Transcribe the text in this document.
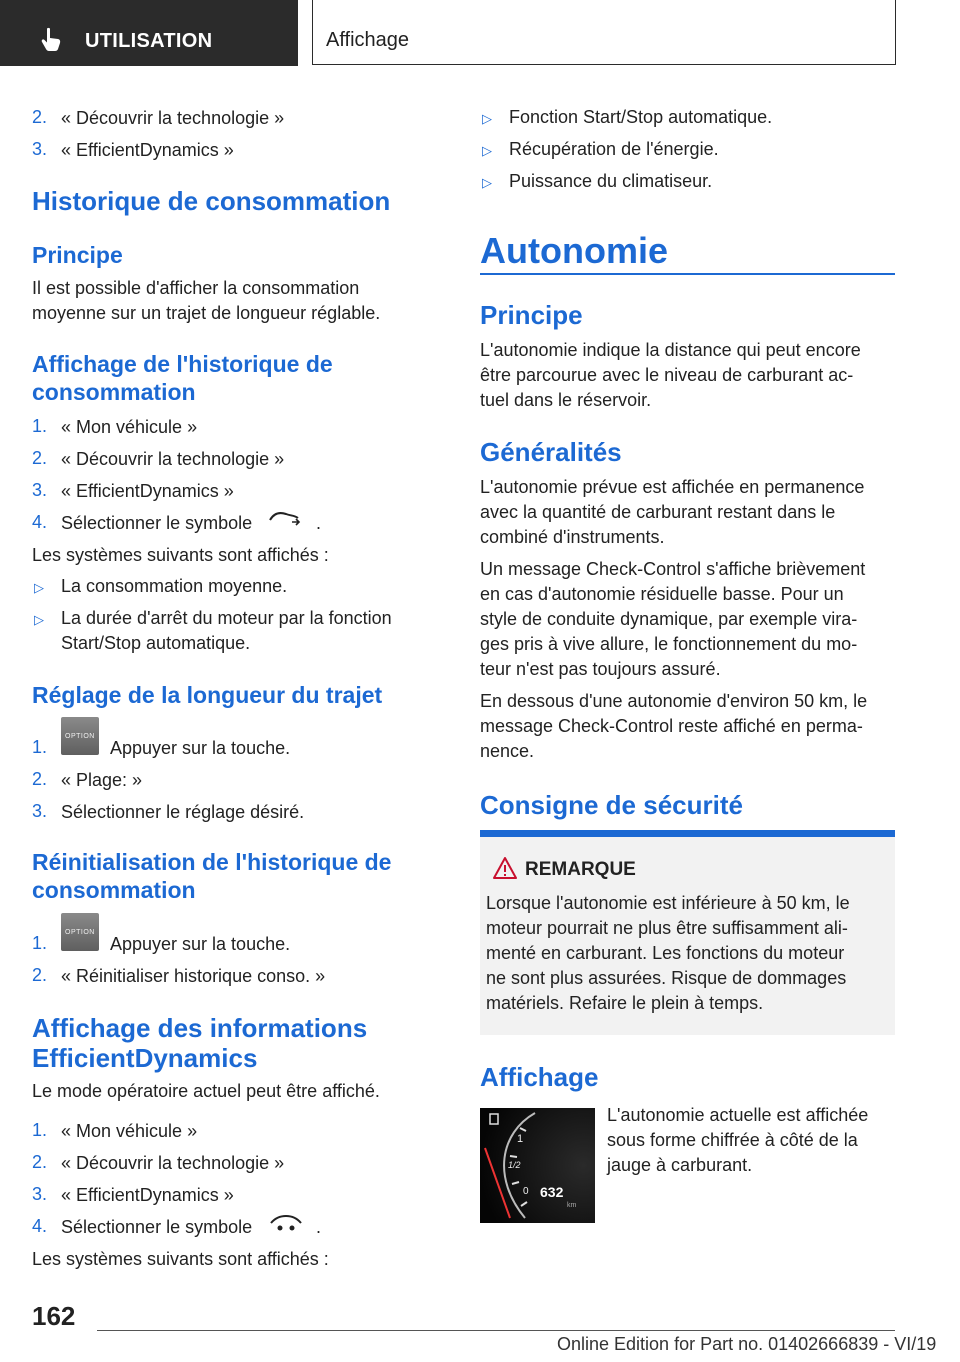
UTILISATION	Affichage
2. « Découvrir la technologie »
3. « EfficientDynamics »
Historique de consommation
Principe
Il est possible d'afficher la consommation
moyenne sur un trajet de longueur réglable.
Affichage de l'historique de
consommation
1. « Mon véhicule »
2. « Découvrir la technologie »
3. « EfficientDynamics »
4. Sélectionner le symbole	.
Les systèmes suivants sont affichés :
▷ La consommation moyenne.
▷ La durée d'arrêt du moteur par la fonction
Start/Stop automatique.
Réglage de la longueur du trajet
1.
OPTION
Appuyer sur la touche.
2. « Plage: »
3. Sélectionner le réglage désiré.
Réinitialisation de l'historique de
consommation
1.
OPTION
Appuyer sur la touche.
2. « Réinitialiser historique conso. »
Affichage des informations
EfficientDynamics
Le mode opératoire actuel peut être affiché.
1. « Mon véhicule »
2. « Découvrir la technologie »
3. « EfficientDynamics »
4. Sélectionner le symbole	.
Les systèmes suivants sont affichés :
▷ Fonction Start/Stop automatique.
▷ Récupération de l'énergie.
▷ Puissance du climatiseur.
Autonomie
Principe
L'autonomie indique la distance qui peut encore
être parcourue avec le niveau de carburant ac-
tuel dans le réservoir.
Généralités
L'autonomie prévue est affichée en permanence
avec la quantité de carburant restant dans le
combiné d'instruments.
Un message Check-Control s'affiche brièvement
en cas d'autonomie résiduelle basse. Pour un
style de conduite dynamique, par exemple vira-
ges pris à vive allure, le fonctionnement du mo-
teur n'est pas toujours assuré.
En dessous d'une autonomie d'environ 50 km, le
message Check-Control reste affiché en perma-
nence.
Consigne de sécurité
REMARQUE
Lorsque l'autonomie est inférieure à 50 km, le
moteur pourrait ne plus être suffisamment ali-
menté en carburant. Les fonctions du moteur
ne sont plus assurées. Risque de dommages
matériels. Refaire le plein à temps.
Affichage
1
1/2
0 632
km
L'autonomie actuelle est affichée
sous forme chiffrée à côté de la
jauge à carburant.
162
Online Edition for Part no. 01402666839 - VI/19
